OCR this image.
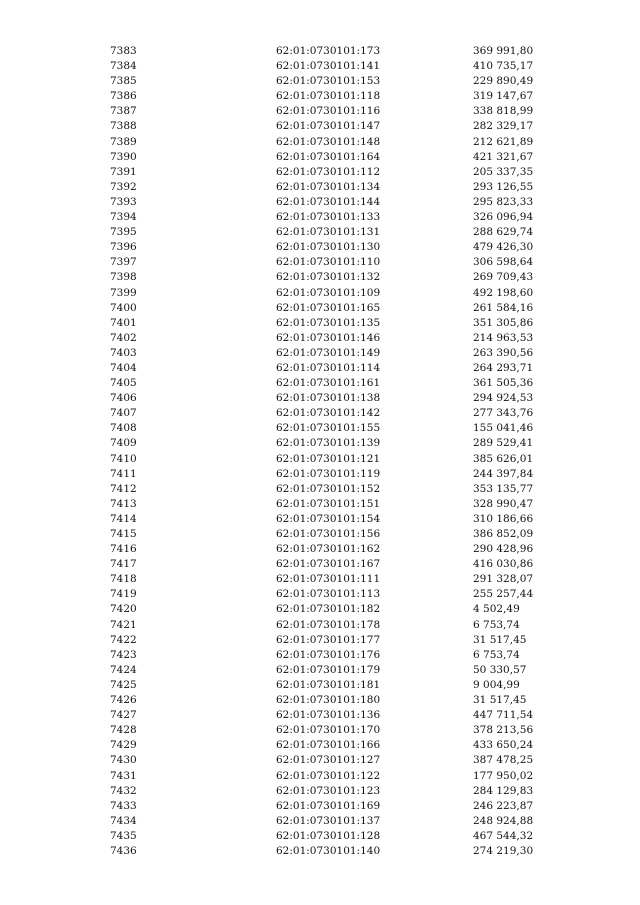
7383	62:01:0730101:173	369 991,80
7384	62:01:0730101:141	410 735,17
7385	62:01:0730101:153	229 890,49
7386	62:01:0730101:118	319 147,67
7387	62:01:0730101:116	338 818,99
7388	62:01:0730101:147	282 329,17
7389	62:01:0730101:148	212 621,89
7390	62:01:0730101:164	421 321,67
7391	62:01:0730101:112	205 337,35
7392	62:01:0730101:134	293 126,55
7393	62:01:0730101:144	295 823,33
7394	62:01:0730101:133	326 096,94
7395	62:01:0730101:131	288 629,74
7396	62:01:0730101:130	479 426,30
7397	62:01:0730101:110	306 598,64
7398	62:01:0730101:132	269 709,43
7399	62:01:0730101:109	492 198,60
7400	62:01:0730101:165	261 584,16
7401	62:01:0730101:135	351 305,86
7402	62:01:0730101:146	214 963,53
7403	62:01:0730101:149	263 390,56
7404	62:01:0730101:114	264 293,71
7405	62:01:0730101:161	361 505,36
7406	62:01:0730101:138	294 924,53
7407	62:01:0730101:142	277 343,76
7408	62:01:0730101:155	155 041,46
7409	62:01:0730101:139	289 529,41
7410	62:01:0730101:121	385 626,01
7411	62:01:0730101:119	244 397,84
7412	62:01:0730101:152	353 135,77
7413	62:01:0730101:151	328 990,47
7414	62:01:0730101:154	310 186,66
7415	62:01:0730101:156	386 852,09
7416	62:01:0730101:162	290 428,96
7417	62:01:0730101:167	416 030,86
7418	62:01:0730101:111	291 328,07
7419	62:01:0730101:113	255 257,44
7420	62:01:0730101:182	4 502,49
7421	62:01:0730101:178	6 753,74
7422	62:01:0730101:177	31 517,45
7423	62:01:0730101:176	6 753,74
7424	62:01:0730101:179	50 330,57
7425	62:01:0730101:181	9 004,99
7426	62:01:0730101:180	31 517,45
7427	62:01:0730101:136	447 711,54
7428	62:01:0730101:170	378 213,56
7429	62:01:0730101:166	433 650,24
7430	62:01:0730101:127	387 478,25
7431	62:01:0730101:122	177 950,02
7432	62:01:0730101:123	284 129,83
7433	62:01:0730101:169	246 223,87
7434	62:01:0730101:137	248 924,88
7435	62:01:0730101:128	467 544,32
7436	62:01:0730101:140	274 219,30
